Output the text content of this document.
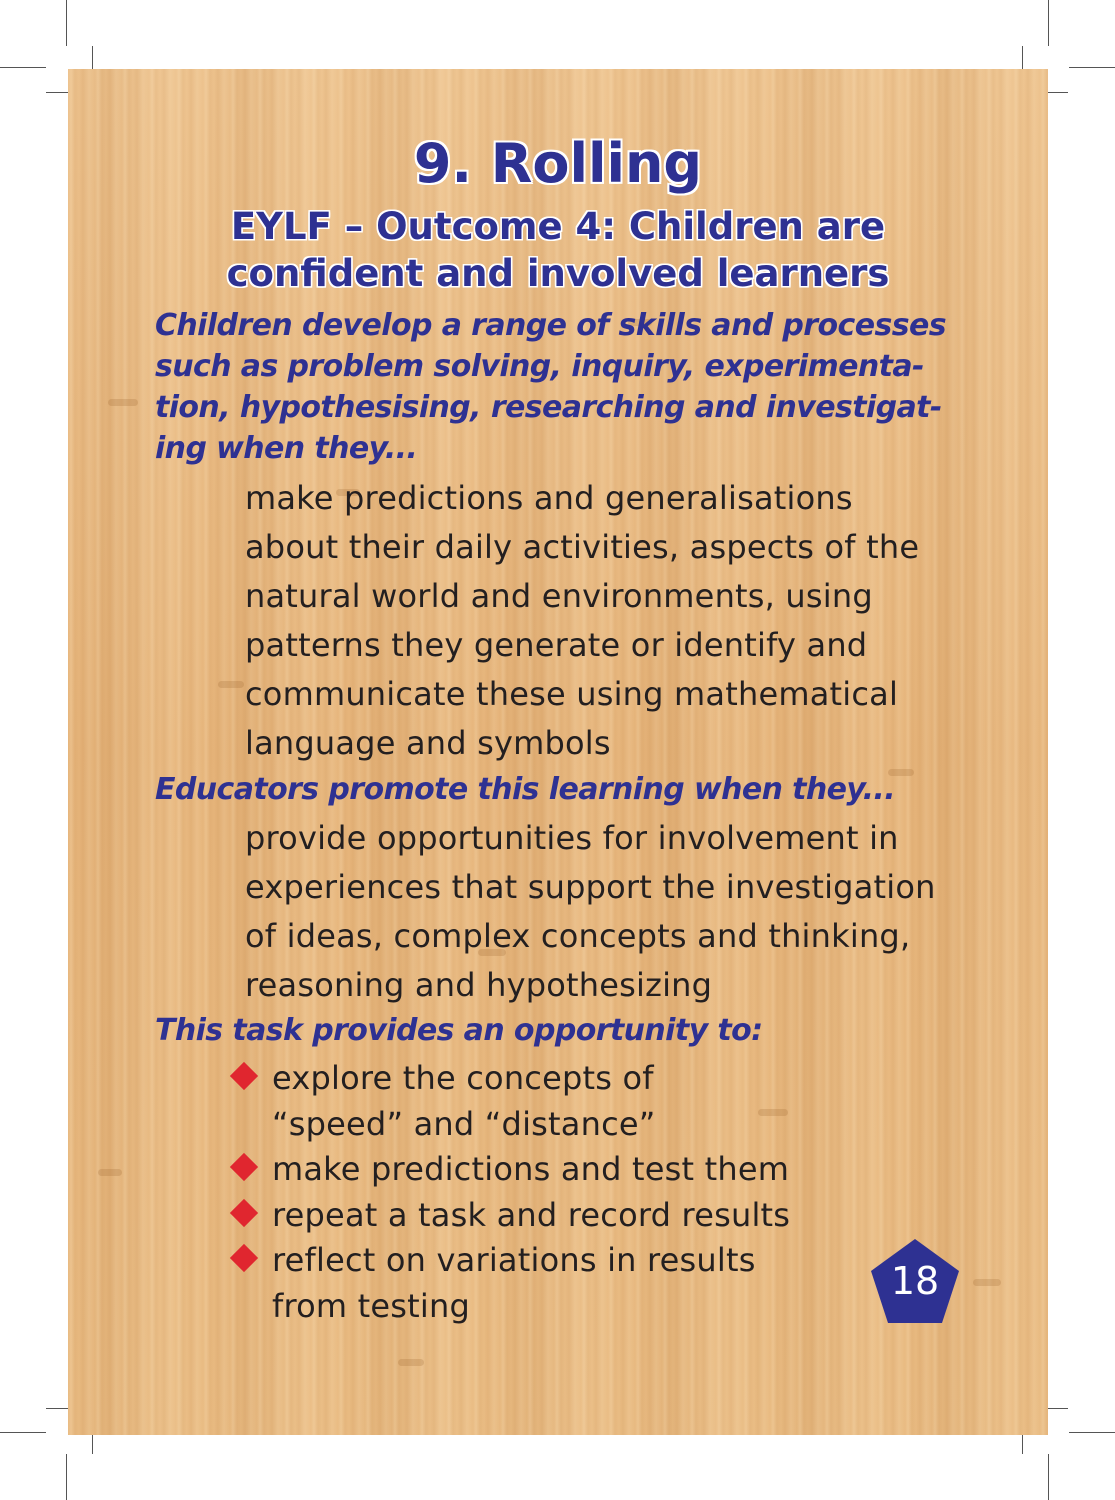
9. Rolling
EYLF – Outcome 4: Children are
confident and involved learners
Children develop a range of skills and processes
such as problem solving, inquiry, experimenta-
tion, hypothesising, researching and investigat-
ing when they...
make predictions and generalisations
about their daily activities, aspects of the
natural world and environments, using
patterns they generate or identify and
communicate these using mathematical
language and symbols
Educators promote this learning when they...
provide opportunities for involvement in
experiences that support the investigation
of ideas, complex concepts and thinking,
reasoning and hypothesizing
This task provides an opportunity to:
explore the concepts of
“speed” and “distance”
make predictions and test them
repeat a task and record results
reflect on variations in results
from testing
18
